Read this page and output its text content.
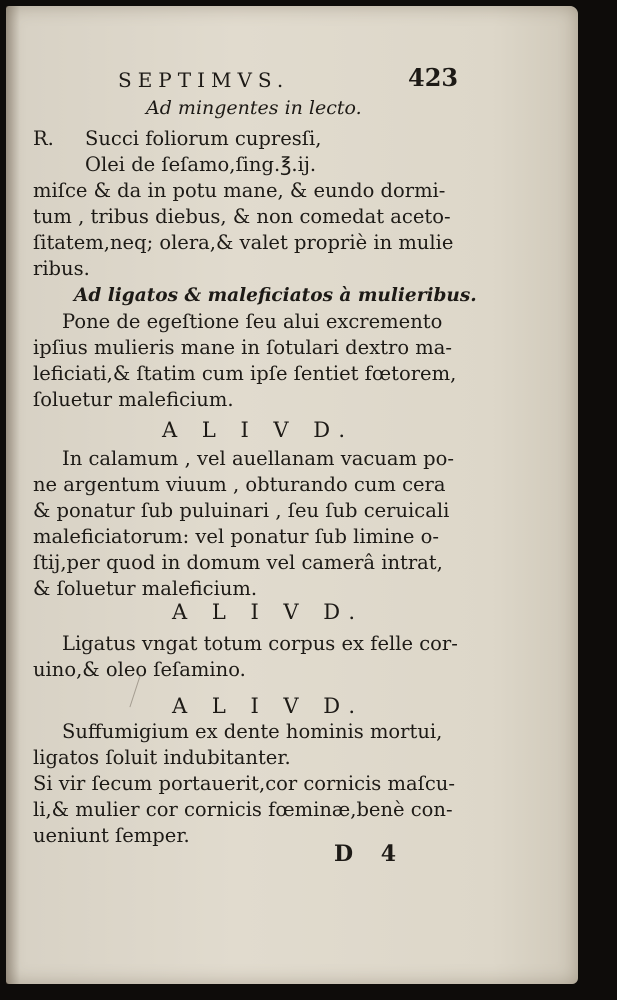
SEPTIMVS.	423

Ad mingentes in lecto.

R. Succi foliorum cupresſi,

Olei de ſeſamo,ſing.℥.ij.

miſce & da in potu mane, & eundo dormi-

tum , tribus diebus, & non comedat aceto-

ſitatem,neq; olera,& valet propriè in mulie

ribus.

Ad ligatos & maleficiatos à mulieribus.

Pone de egeſtione ſeu alui excremento

ipſius mulieris mane in ſotulari dextro ma-

leficiati,& ſtatim cum ipſe ſentiet fœtorem,

ſoluetur maleficium.

A L I V D.

In calamum , vel auellanam vacuam po-

ne argentum viuum , obturando cum cera

& ponatur ſub puluinari , ſeu ſub ceruicali

maleficiatorum: vel ponatur ſub limine o-

ſtij,per quod in domum vel camerâ intrat,

& ſoluetur maleficium.

A L I V D.

Ligatus vngat totum corpus ex felle cor-

uino,& oleo ſeſamino.

A L I V D.

Suffumigium ex dente hominis mortui,

ligatos ſoluit indubitanter.

Si vir ſecum portauerit,cor cornicis maſcu-

li,& mulier cor cornicis fœminæ,benè con-

ueniunt ſemper.

D 4
